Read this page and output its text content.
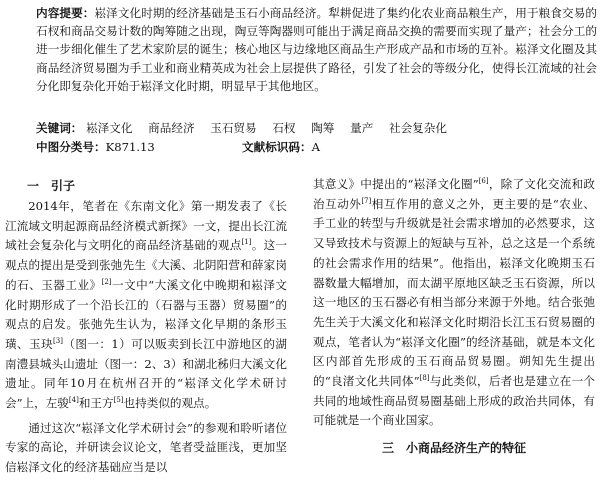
内容提要：崧泽文化时期的经济基础是玉石小商品经济。犁耕促进了集约化农业商品粮生产，用于粮食交易的石杈和商品交易计数的陶筹随之出现，陶豆等陶器则可能出于满足商品交换的需要而实现了量产；社会分工的进一步细化催生了艺术家阶层的诞生；核心地区与边缘地区商品生产形成产品和市场的互补。崧泽文化圈及其商品经济贸易圈为手工业和商业精英成为社会上层提供了路径，引发了社会的等级分化，使得长江流域的社会分化即复杂化开始于崧泽文化时期，明显早于其他地区。
关键词： 崧泽文化 商品经济 玉石贸易 石杈 陶筹 量产 社会复杂化
中图分类号：K871.13	文献标识码：A
一　引子

2014年，笔者在《东南文化》第一期发表了《长江流域文明起源商品经济模式新探》一文，提出长江流域社会复杂化与文明化的商品经济基础的观点[1]。这一观点的提出是受到张弛先生《大溪、北阴阳营和薛家岗的石、玉器工业》[2]一文中“大溪文化中晚期和崧泽文化时期形成了一个沿长江的（石器与玉器）贸易圈”的观点的启发。张弛先生认为，崧泽文化早期的条形玉璜、玉玦[3]（图一：1）可以贩卖到长江中游地区的湖南澧县城头山遗址（图一：2、3）和湖北秭归大溪文化遗址。同年10月在杭州召开的“崧泽文化学术研讨会”上，左骏[4]和王方[5]也持类似的观点。

通过这次“崧泽文化学术研讨会”的参观和聆听诸位专家的高论，并研读会议论文，笔者受益匪浅，更加坚信崧泽文化的经济基础应当是以

其意义》中提出的“崧泽文化圈”[6]，除了文化交流和政治互动外[7]相互作用的意义之外，更主要的是“农业、手工业的转型与升级就是社会需求增加的必然要求，这又导致技术与资源上的短缺与互补，总之这是一个系统的社会需求作用的结果”。他指出，崧泽文化晚期玉石器数量大幅增加，而太湖平原地区缺乏玉石资源，所以这一地区的玉石器必有相当部分来源于外地。结合张弛先生关于大溪文化和崧泽文化时期沿长江玉石贸易圈的观点，笔者认为“崧泽文化圈”的经济基础，就是本文化区内部首先形成的玉石商品贸易圈。朔知先生提出的“良渚文化共同体”[8]与此类似，后者也是建立在一个共同的地域性商品贸易圈基础上形成的政治共同体，有可能就是一个商业国家。

三　小商品经济生产的特征
